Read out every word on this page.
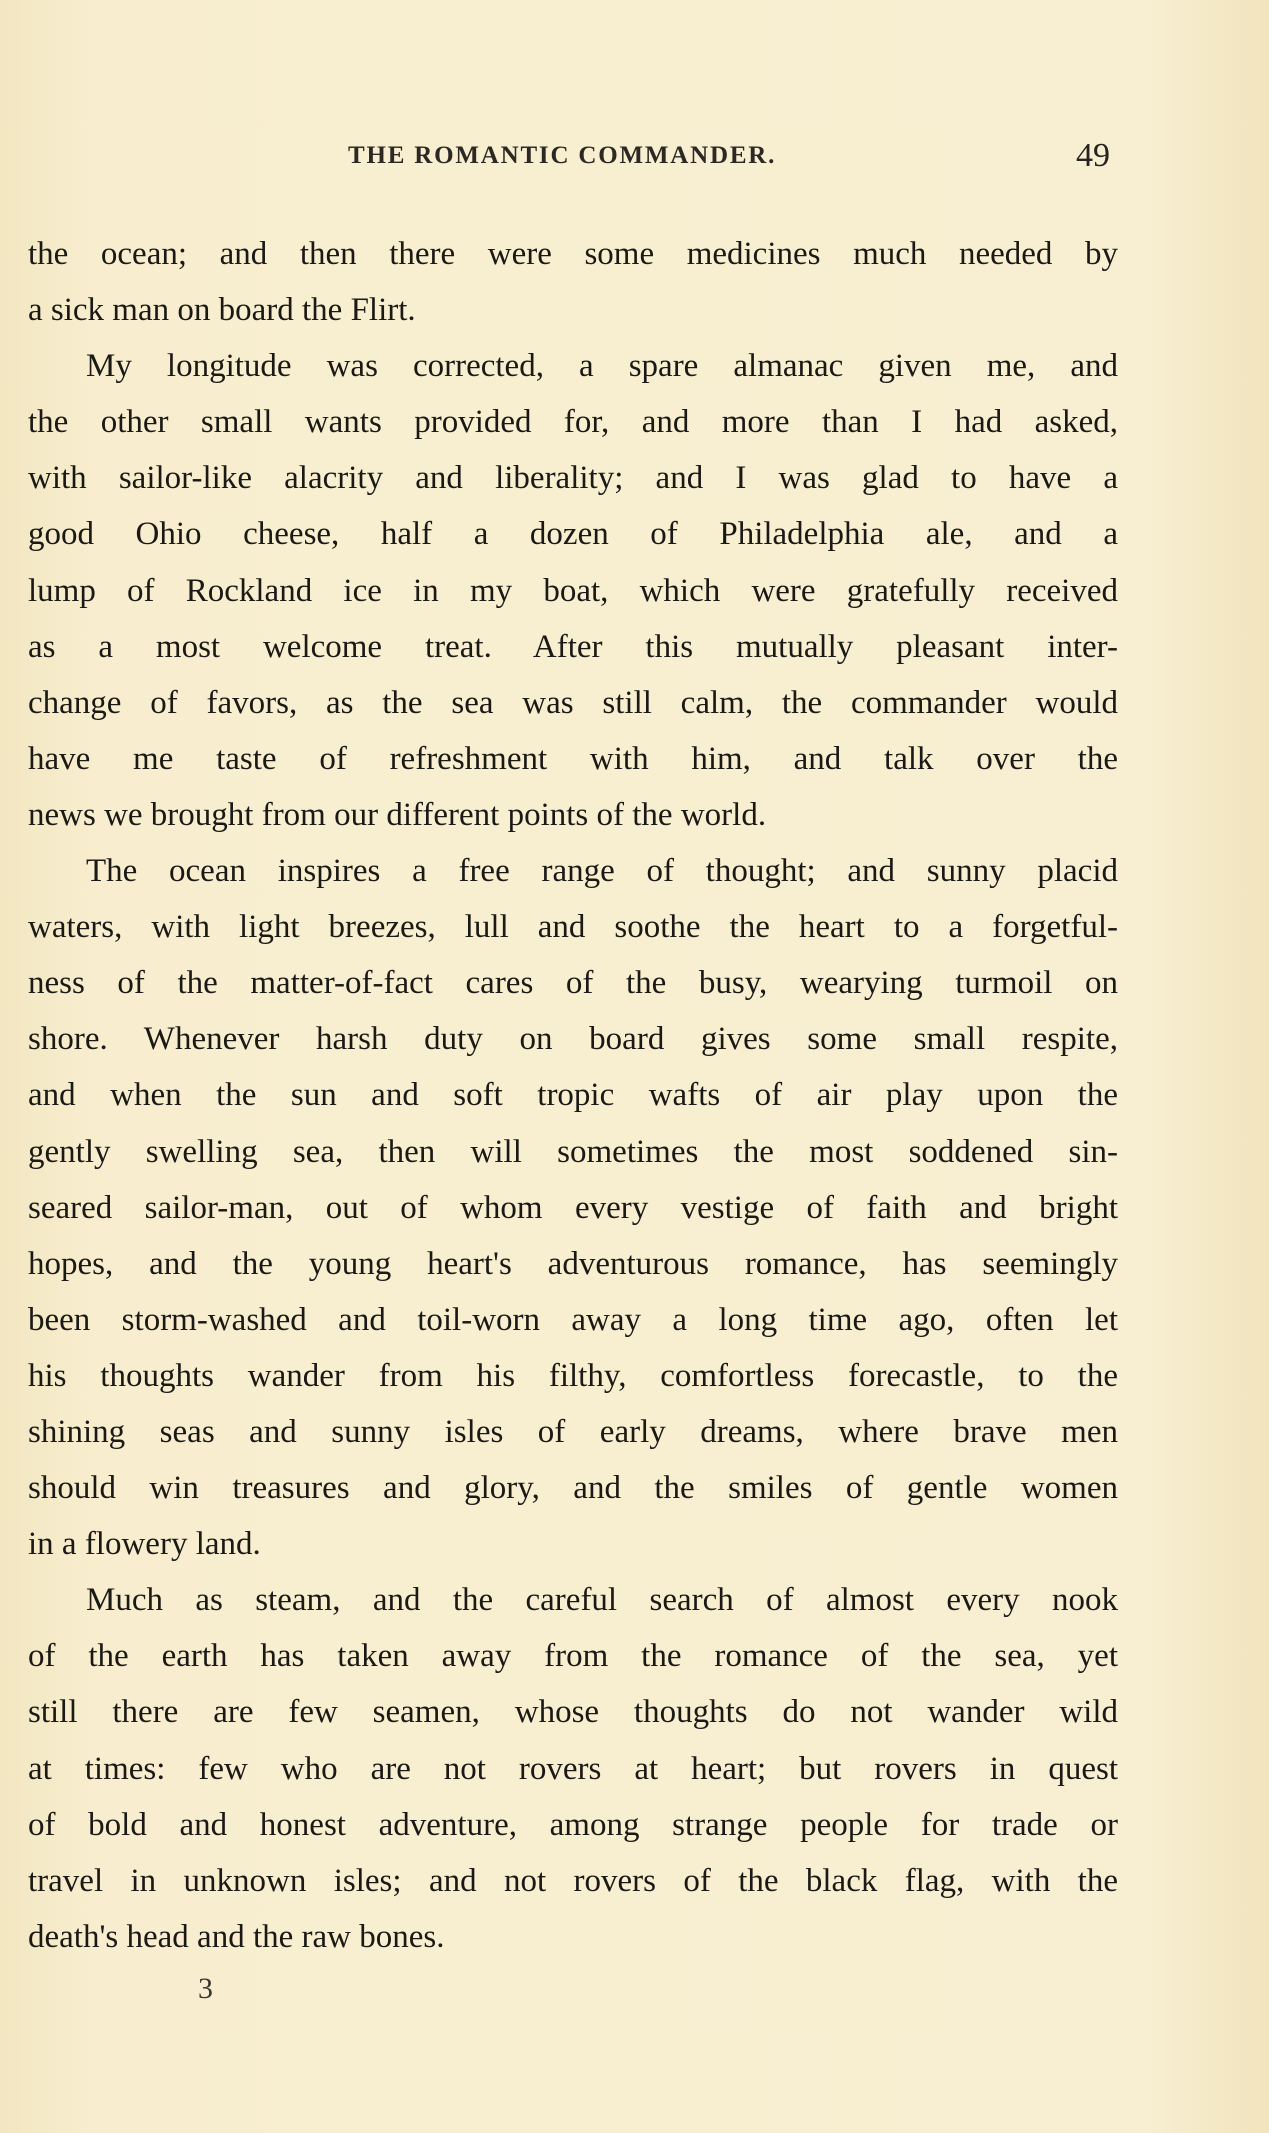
THE ROMANTIC COMMANDER.	49
the ocean; and then there were some medicines much needed by
a sick man on board the Flirt.
My longitude was corrected, a spare almanac given me, and
the other small wants provided for, and more than I had asked,
with sailor-like alacrity and liberality; and I was glad to have a
good Ohio cheese, half a dozen of Philadelphia ale, and a
lump of Rockland ice in my boat, which were gratefully received
as a most welcome treat. After this mutually pleasant inter-
change of favors, as the sea was still calm, the commander would
have me taste of refreshment with him, and talk over the
news we brought from our different points of the world.
The ocean inspires a free range of thought; and sunny placid
waters, with light breezes, lull and soothe the heart to a forgetful-
ness of the matter-of-fact cares of the busy, wearying turmoil on
shore. Whenever harsh duty on board gives some small respite,
and when the sun and soft tropic wafts of air play upon the
gently swelling sea, then will sometimes the most soddened sin-
seared sailor-man, out of whom every vestige of faith and bright
hopes, and the young heart's adventurous romance, has seemingly
been storm-washed and toil-worn away a long time ago, often let
his thoughts wander from his filthy, comfortless forecastle, to the
shining seas and sunny isles of early dreams, where brave men
should win treasures and glory, and the smiles of gentle women
in a flowery land.
Much as steam, and the careful search of almost every nook
of the earth has taken away from the romance of the sea, yet
still there are few seamen, whose thoughts do not wander wild
at times: few who are not rovers at heart; but rovers in quest
of bold and honest adventure, among strange people for trade or
travel in unknown isles; and not rovers of the black flag, with the
death's head and the raw bones.
3
